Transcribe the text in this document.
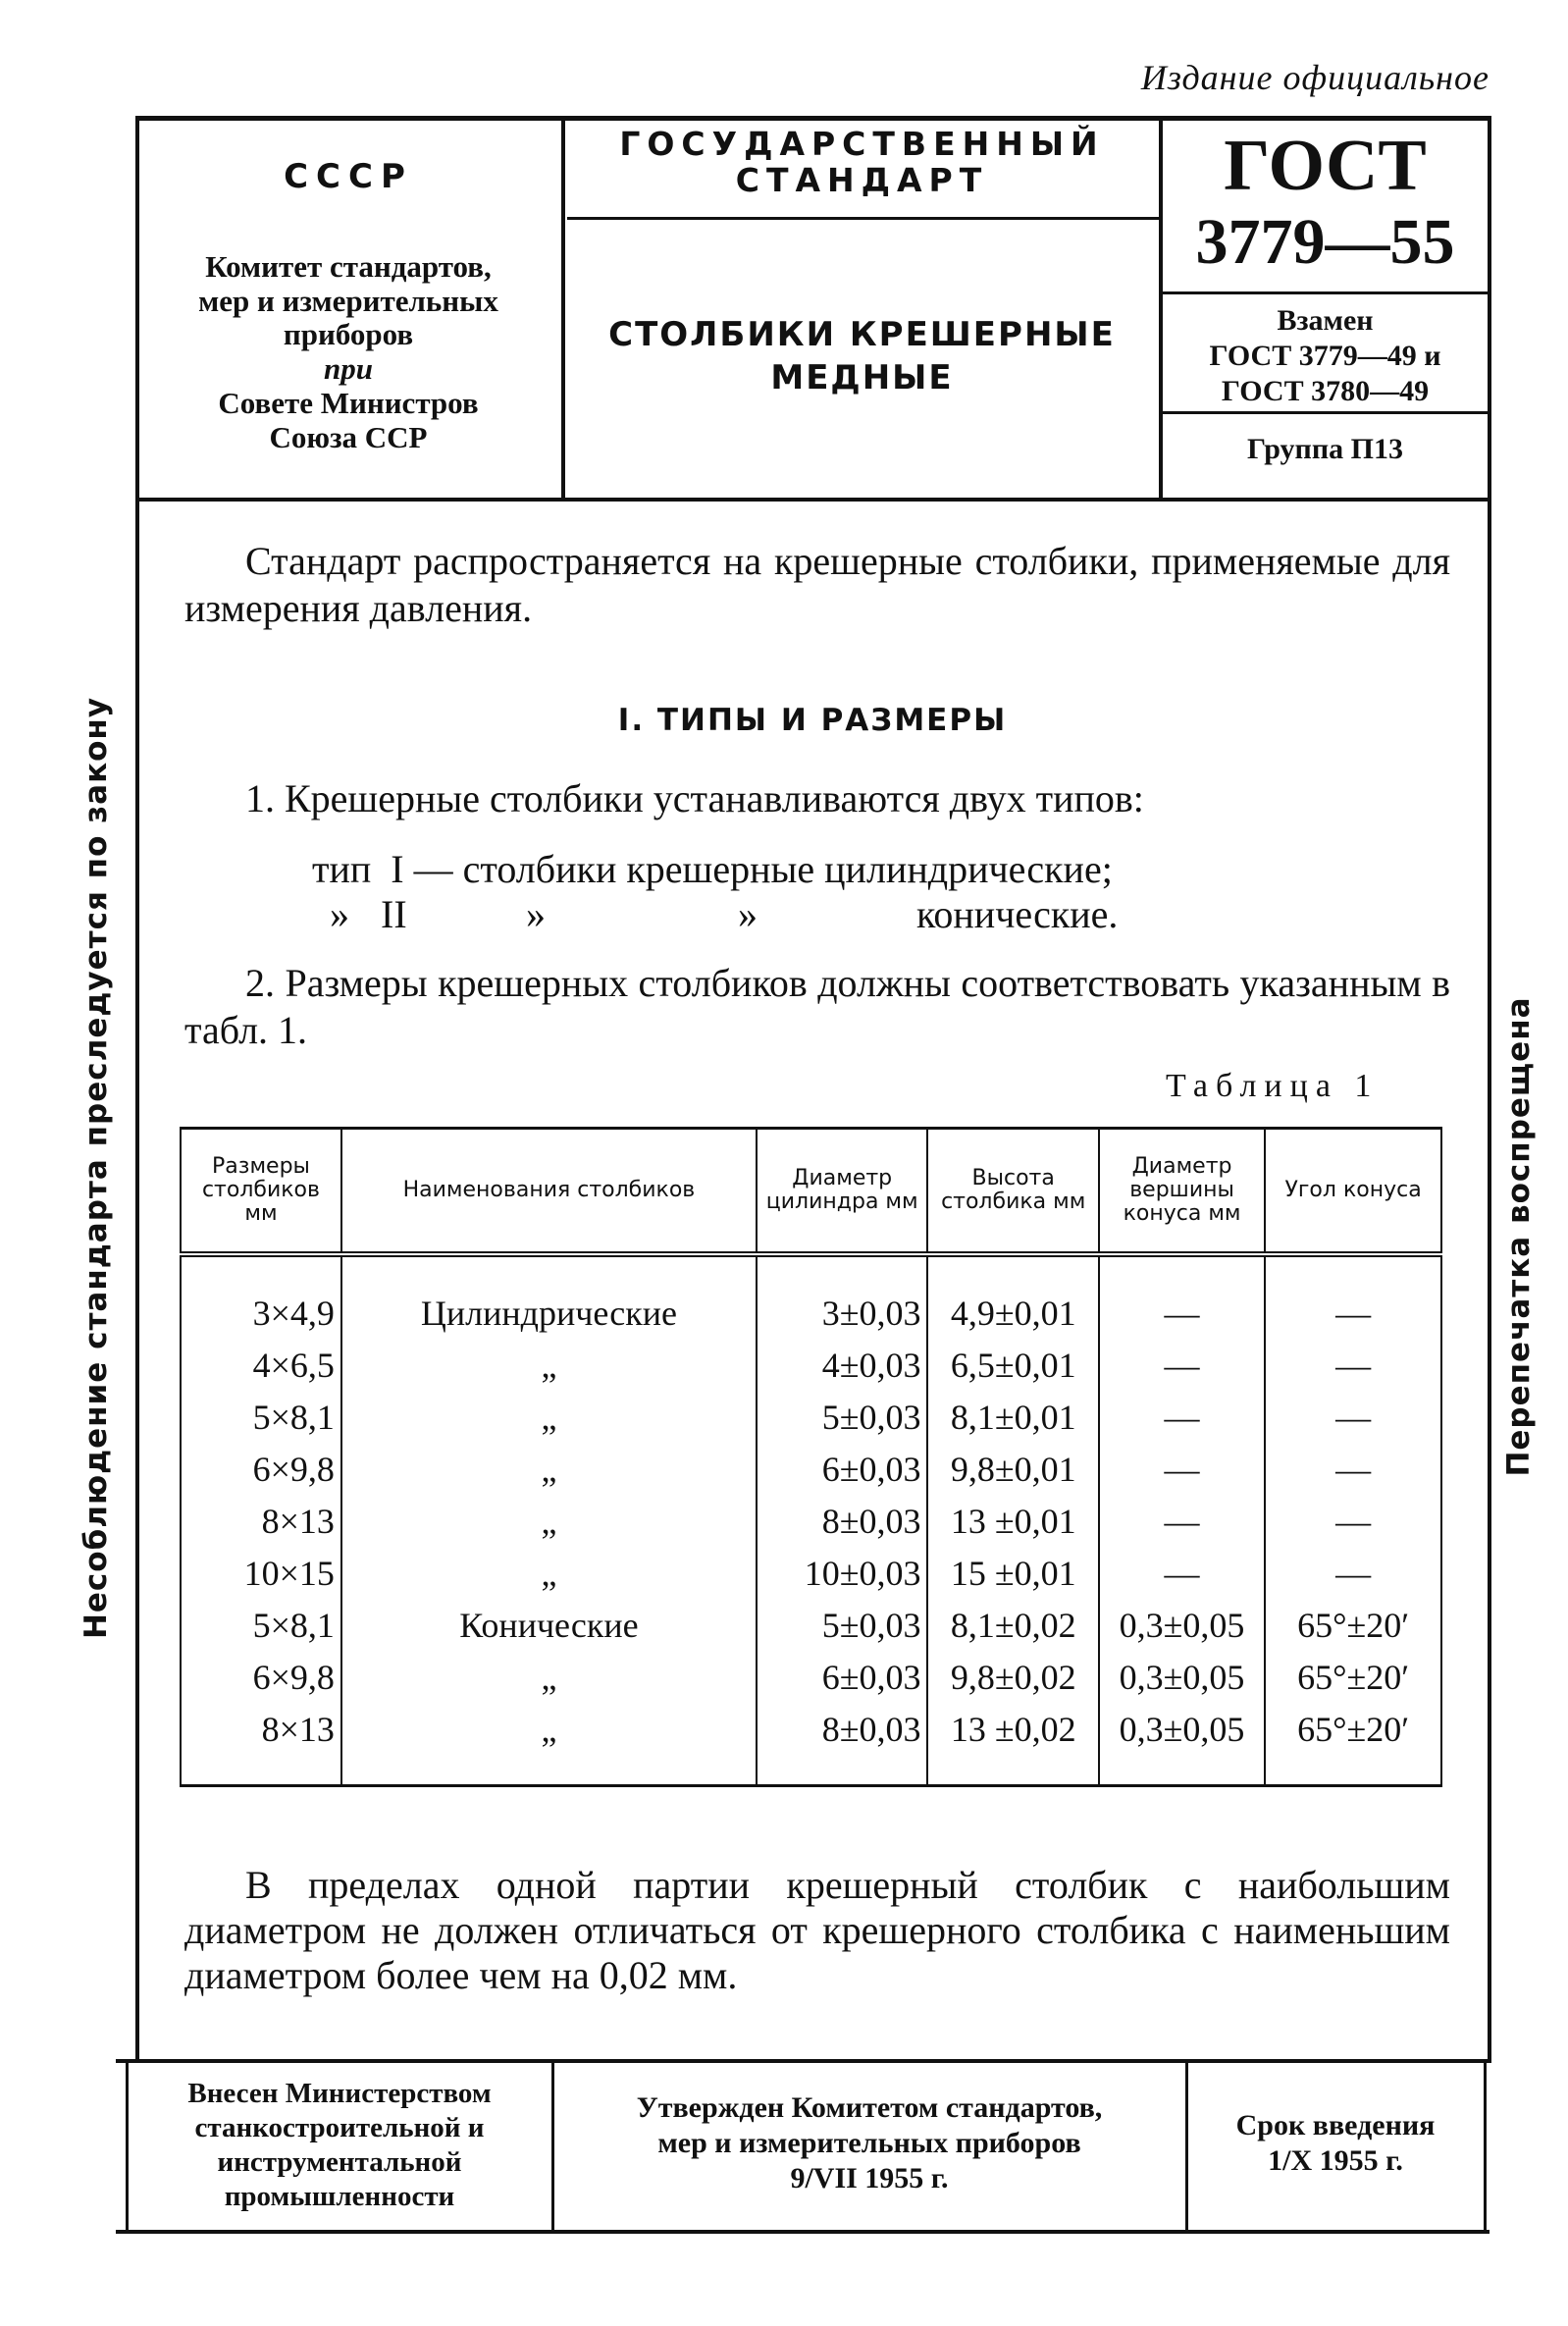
Издание официальное
СССР
Комитет стандартов,
мер и измерительных
приборов
при
Совете Министров
Союза ССР
ГОСУДАРСТВЕННЫЙ
СТАНДАРТ
СТОЛБИКИ КРЕШЕРНЫЕ
МЕДНЫЕ
ГОСТ
3779—55
Взамен
ГОСТ 3779—49 и
ГОСТ 3780—49
Группа П13
Несоблюдение стандарта преследуется по закону	Перепечатка воспрещена
Стандарт распространяется на крешерные столбики, применяемые для измерения давления.
I. ТИПЫ И РАЗМЕРЫ
1. Крешерные столбики устанавливаются двух типов:
тип I — столбики крешерные цилиндрические;
» II	»	»	конические.
2. Размеры крешерных столбиков должны соответствовать указанным в табл. 1.
Таблица 1
Размеры столбиков мм	Наименования столбиков	Диаметр цилиндра мм	Высота столбика мм	Диаметр вершины конуса мм	Угол конуса
3×4,9	Цилиндрические	3±0,03	4,9±0,01	—	—
4×6,5	„	4±0,03	6,5±0,01	—	—
5×8,1	„	5±0,03	8,1±0,01	—	—
6×9,8	„	6±0,03	9,8±0,01	—	—
8×13	„	8±0,03	13 ±0,01	—	—
10×15	„	10±0,03	15 ±0,01	—	—
5×8,1	Конические	5±0,03	8,1±0,02	0,3±0,05	65°±20′
6×9,8	„	6±0,03	9,8±0,02	0,3±0,05	65°±20′
8×13	„	8±0,03	13 ±0,02	0,3±0,05	65°±20′
В пределах одной партии крешерный столбик с наибольшим диаметром не должен отличаться от крешерного столбика с наименьшим диаметром более чем на 0,02 мм.
Внесен Министерством
станкостроительной и
инструментальной
промышленности
Утвержден Комитетом стандартов,
мер и измерительных приборов
9/VII 1955 г.
Срок введения
1/X 1955 г.
